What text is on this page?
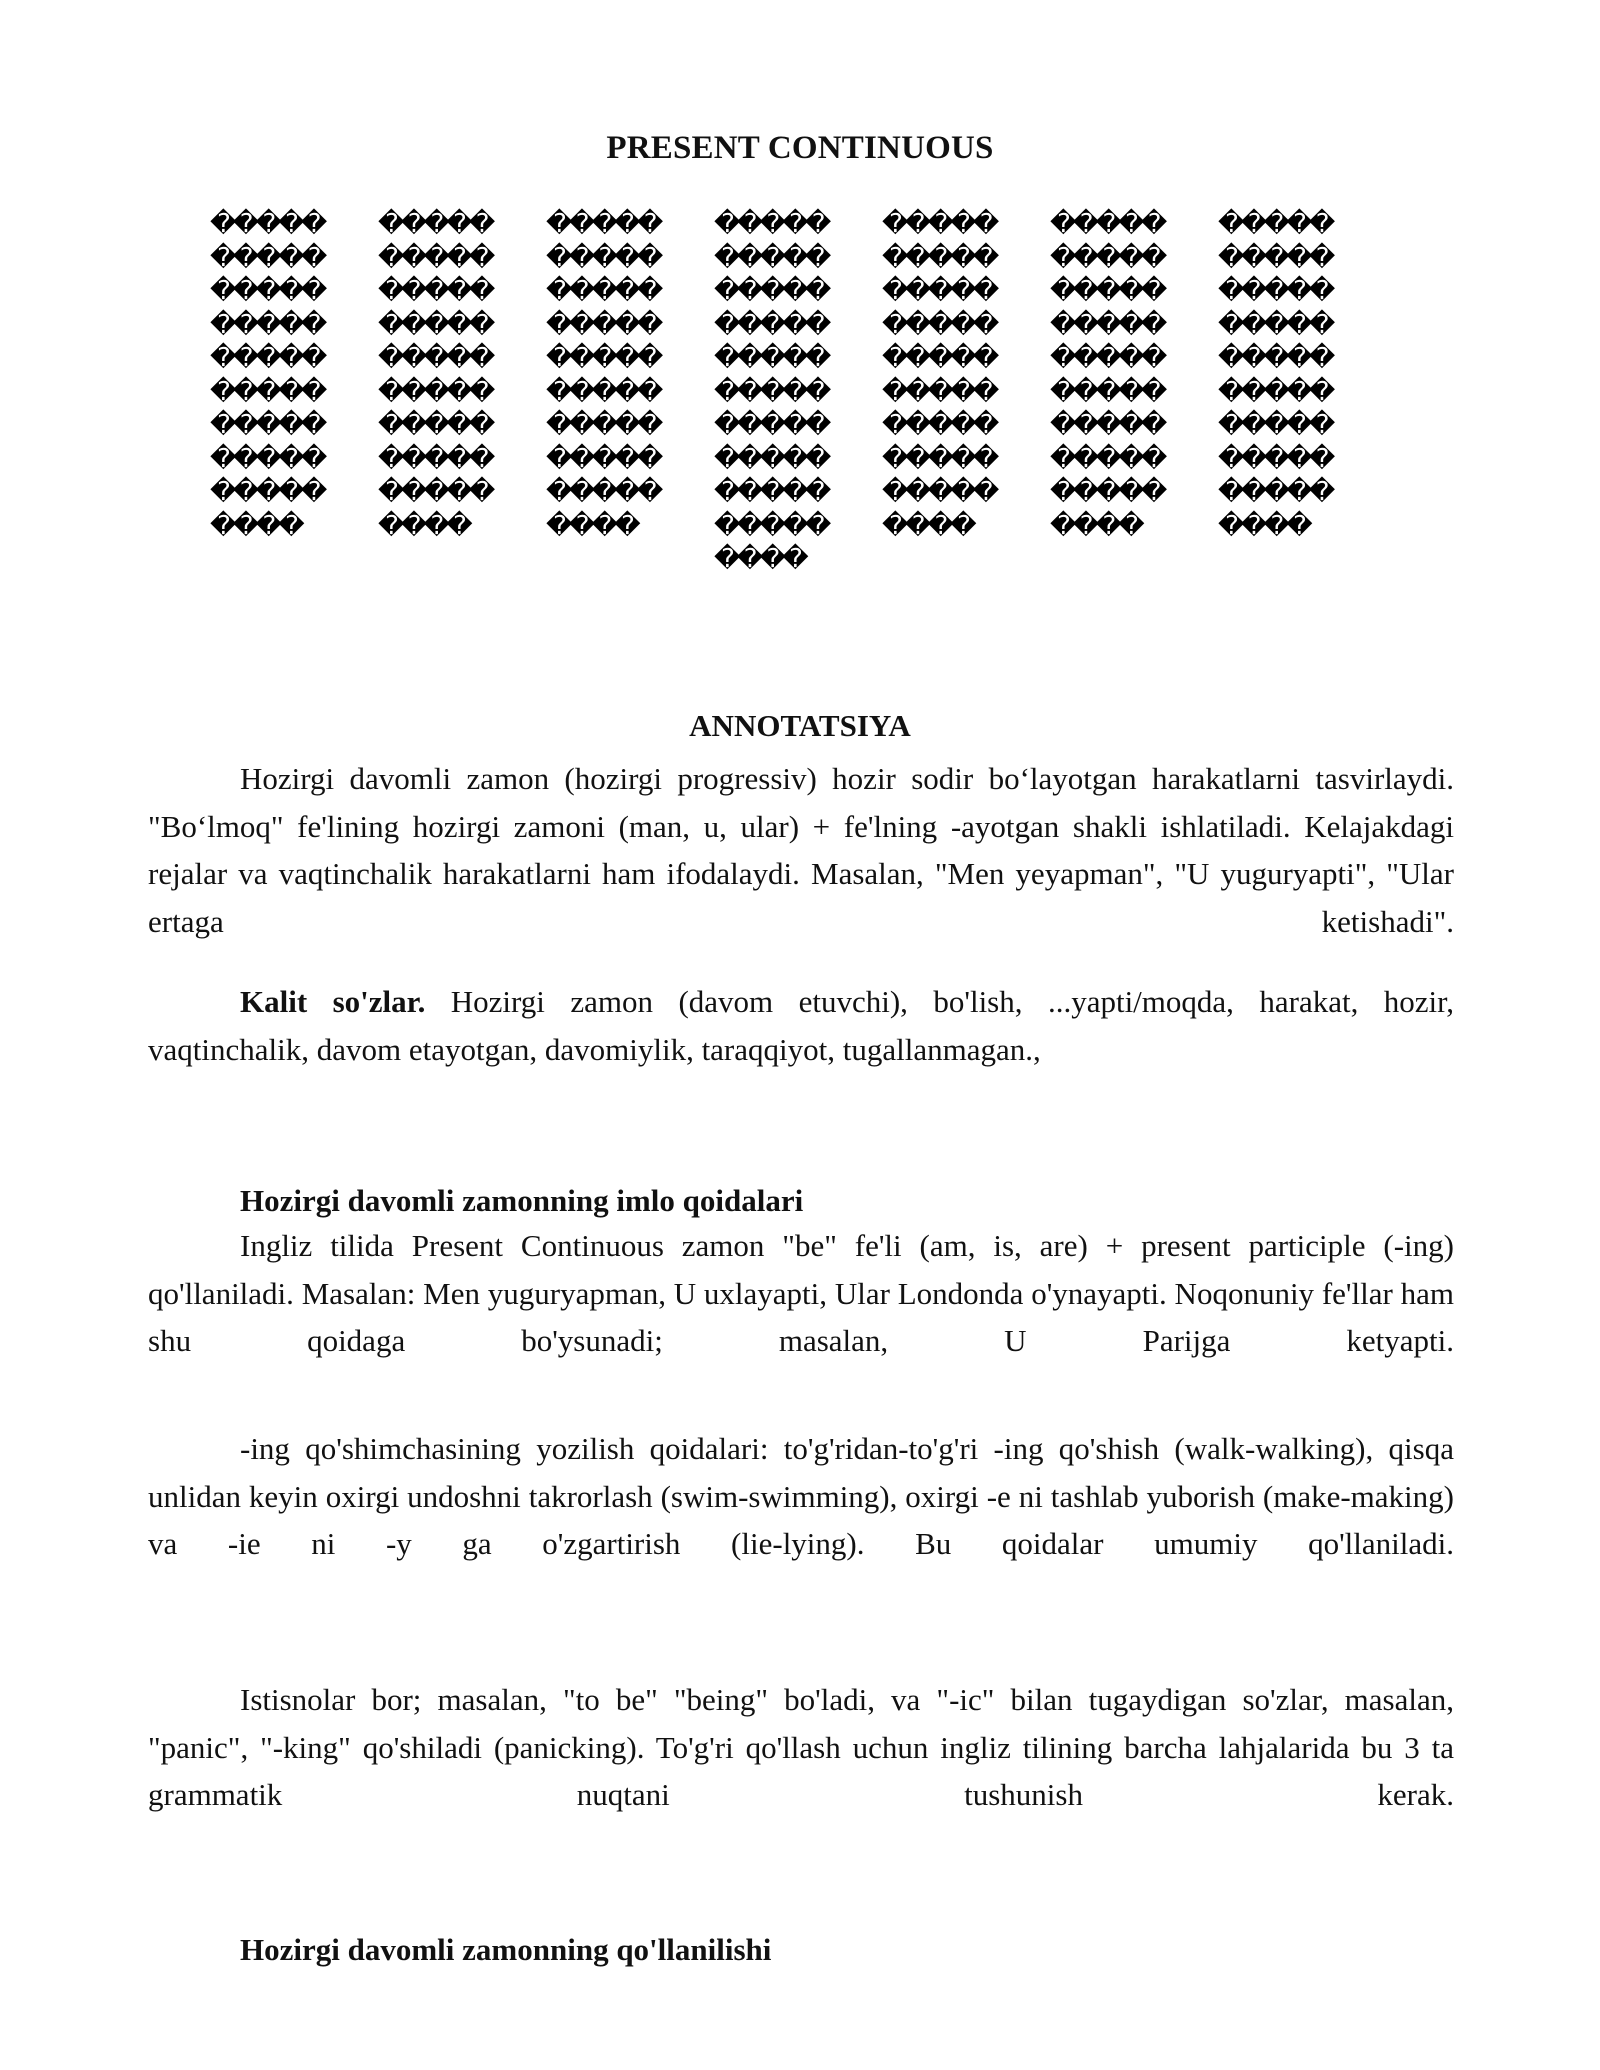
PRESENT CONTINUOUS
�����
�����
�����
�����
�����
�����
�����
�����
�����
����
�����
�����
�����
�����
�����
�����
�����
�����
�����
����
�����
�����
�����
�����
�����
�����
�����
�����
�����
����
�����
�����
�����
�����
�����
�����
�����
�����
�����
�����
����
�����
�����
�����
�����
�����
�����
�����
�����
�����
����
�����
�����
�����
�����
�����
�����
�����
�����
�����
����
�����
�����
�����
�����
�����
�����
�����
�����
�����
����
ANNOTATSIYA
Hozirgi davomli zamon (hozirgi progressiv) hozir sodir bo‘layotgan harakatlarni tasvirlaydi. "Bo‘lmoq" fe'lining hozirgi zamoni (man, u, ular) + fe'lning -ayotgan shakli ishlatiladi. Kelajakdagi rejalar va vaqtinchalik harakatlarni ham ifodalaydi. Masalan, "Men yeyapman", "U yuguryapti", "Ular ertaga ketishadi".
Kalit so'zlar. Hozirgi zamon (davom etuvchi), bo'lish, ...yapti/moqda, harakat, hozir, vaqtinchalik, davom etayotgan, davomiylik, taraqqiyot, tugallanmagan.,
Hozirgi davomli zamonning imlo qoidalari
Ingliz tilida Present Continuous zamon "be" fe'li (am, is, are) + present participle (-ing) qo'llaniladi. Masalan: Men yuguryapman, U uxlayapti, Ular Londonda o'ynayapti. Noqonuniy fe'llar ham shu qoidaga bo'ysunadi; masalan, U Parijga ketyapti.
-ing qo'shimchasining yozilish qoidalari: to'g'ridan-to'g'ri -ing qo'shish (walk-walking), qisqa unlidan keyin oxirgi undoshni takrorlash (swim-swimming), oxirgi -e ni tashlab yuborish (make-making) va -ie ni -y ga o'zgartirish (lie-lying). Bu qoidalar umumiy qo'llaniladi.
Istisnolar bor; masalan, "to be" "being" bo'ladi, va "-ic" bilan tugaydigan so'zlar, masalan, "panic", "-king" qo'shiladi (panicking). To'g'ri qo'llash uchun ingliz tilining barcha lahjalarida bu 3 ta grammatik nuqtani tushunish kerak.
Hozirgi davomli zamonning qo'llanilishi
